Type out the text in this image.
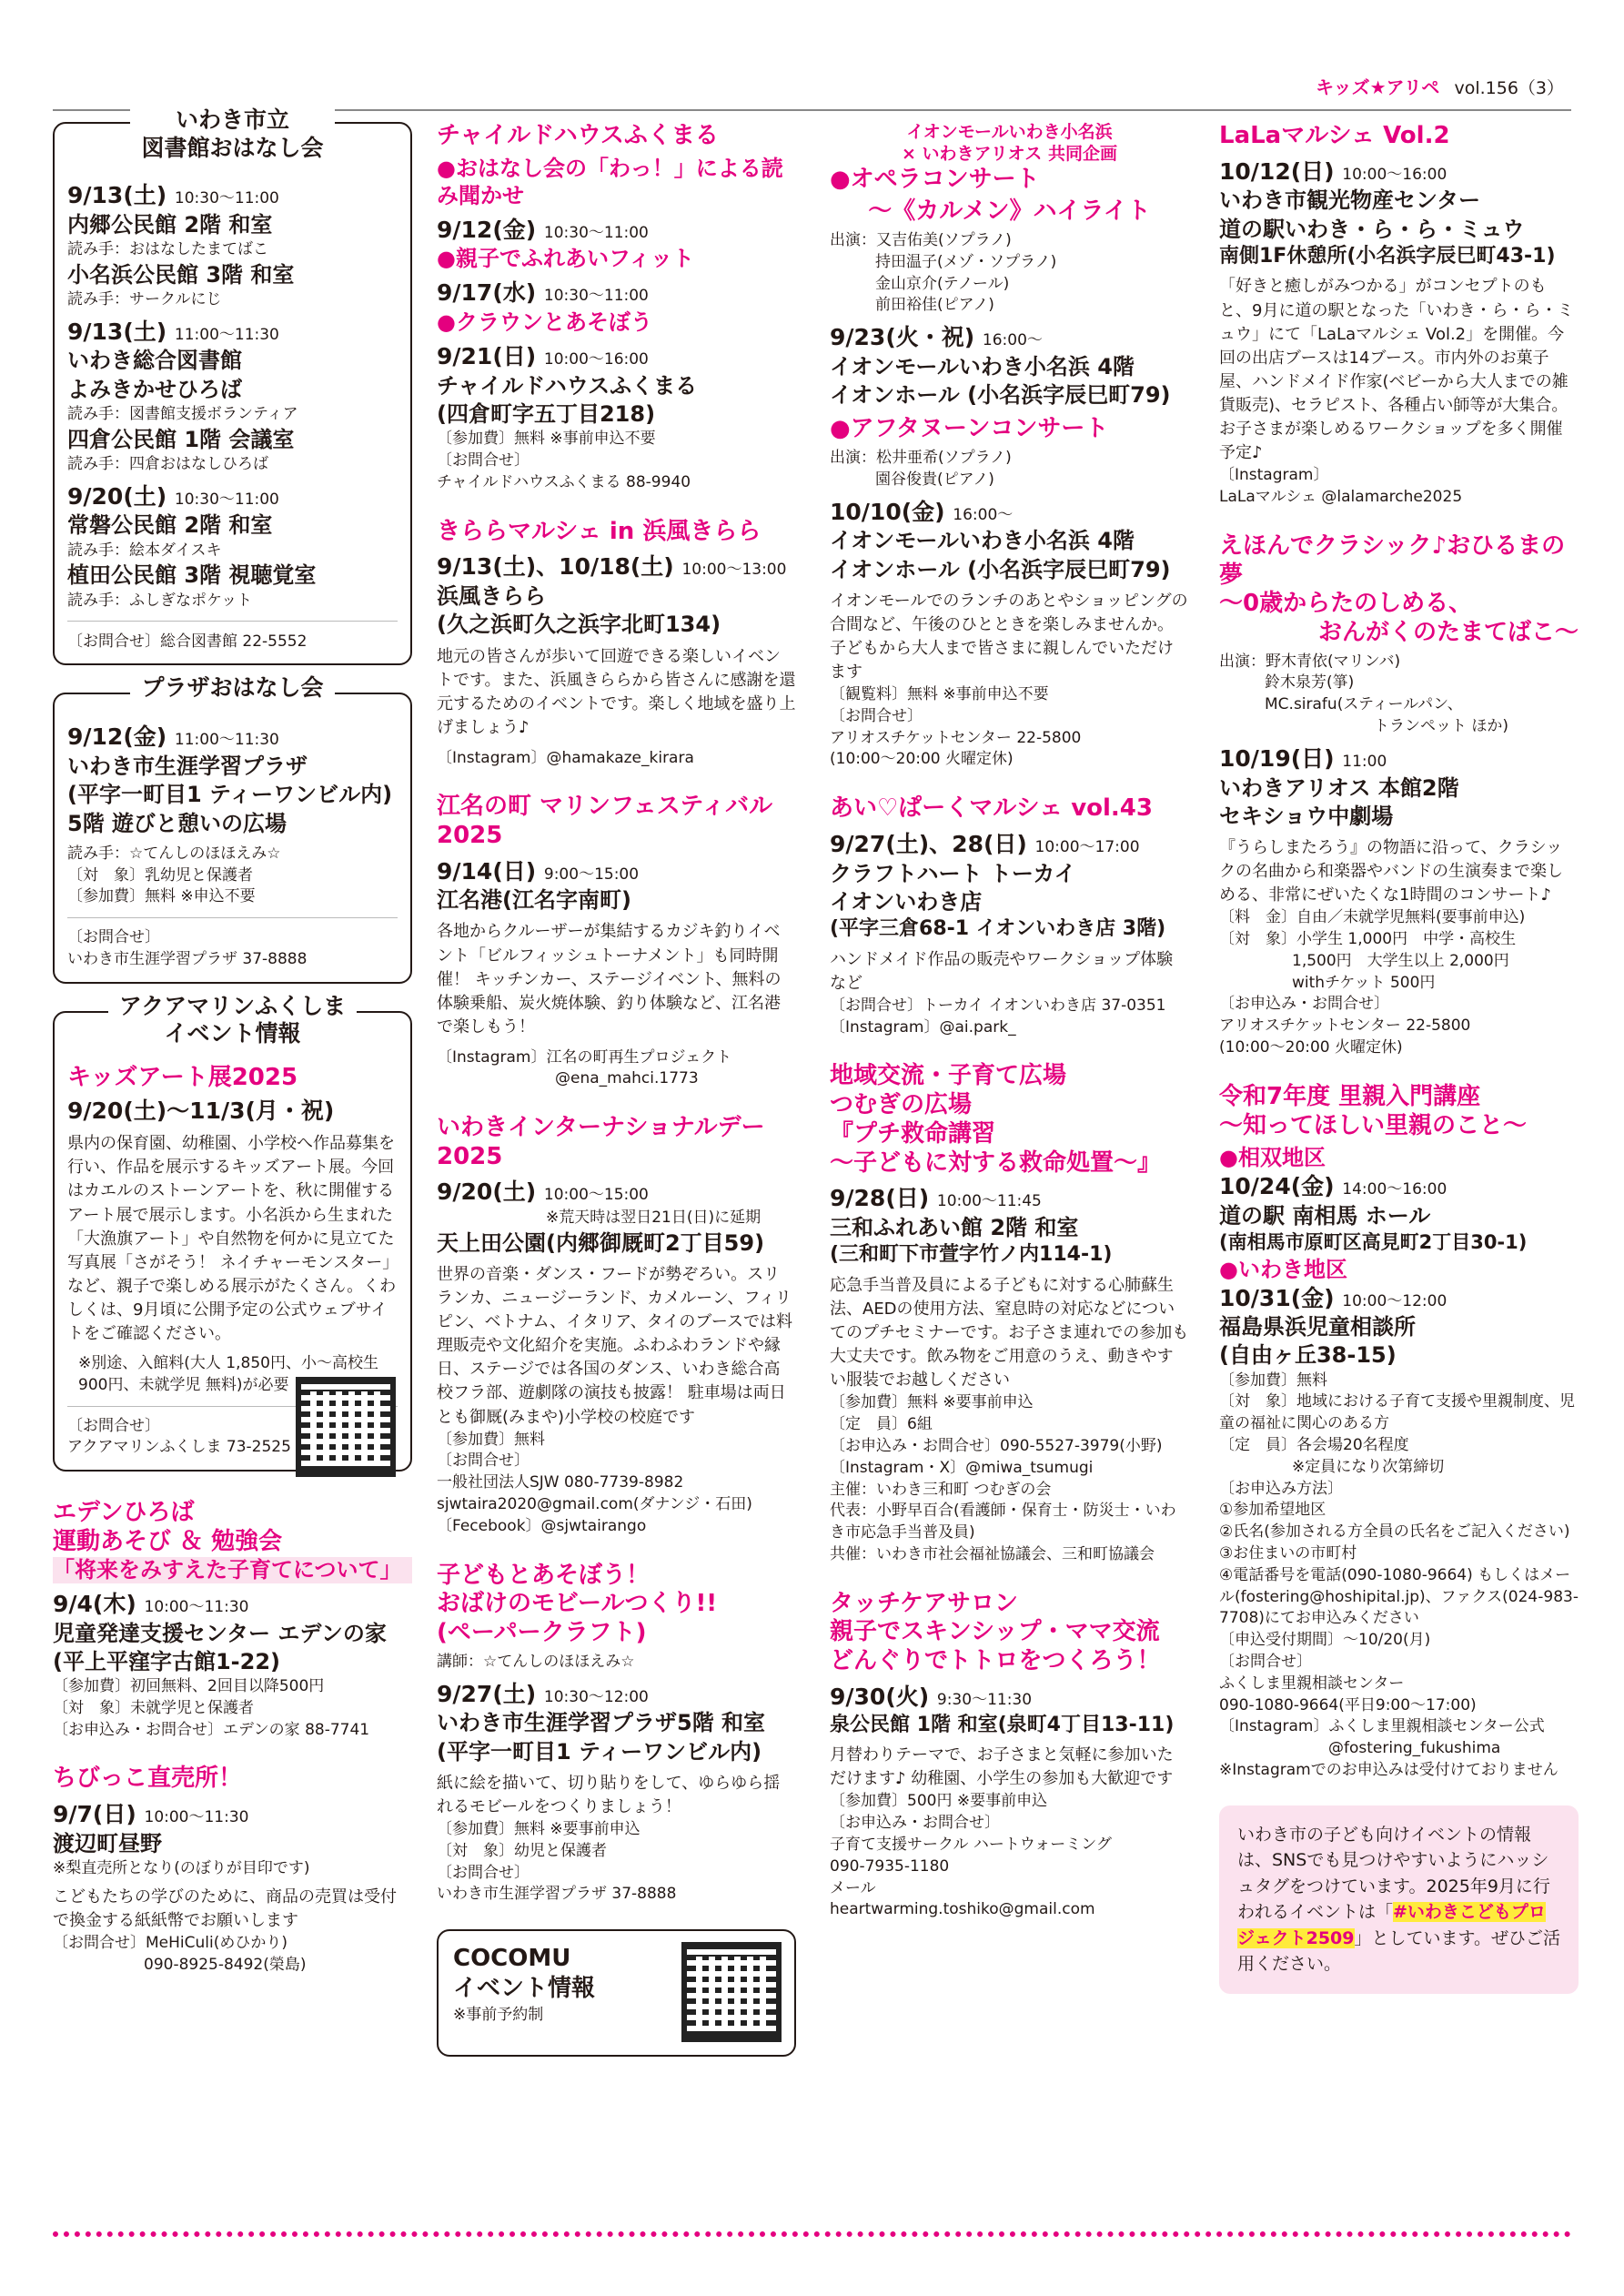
キッズ★アリペ vol.156（3）
いわき市立
図書館おはなし会
9/13(土) 10:30～11:00
内郷公民館 2階 和室
読み手：おはなしたまてばこ
小名浜公民館 3階 和室
読み手：サークルにじ
9/13(土) 11:00～11:30
いわき総合図書館
よみきかせひろば
読み手：図書館支援ボランティア
四倉公民館 1階 会議室
読み手：四倉おはなしひろば
9/20(土) 10:30～11:00
常磐公民館 2階 和室
読み手：絵本ダイスキ
植田公民館 3階 視聴覚室
読み手：ふしぎなポケット
〔お問合せ〕総合図書館 22-5552
プラザおはなし会
9/12(金) 11:00～11:30
いわき市生涯学習プラザ
(平字一町目1 ティーワンビル内)
5階 遊びと憩いの広場
読み手：☆てんしのほほえみ☆
〔対　象〕乳幼児と保護者
〔参加費〕無料 ※申込不要
〔お問合せ〕
いわき市生涯学習プラザ 37-8888
アクアマリンふくしま
イベント情報
キッズアート展2025
9/20(土)～11/3(月・祝)
県内の保育園、幼稚園、小学校へ作品募集を行い、作品を展示するキッズアート展。今回はカエルのストーンアートを、秋に開催するアート展で展示します。小名浜から生まれた「大漁旗アート」や自然物を何かに見立てた写真展「さがそう！ ネイチャーモンスター」など、親子で楽しめる展示がたくさん。くわしくは、9月頃に公開予定の公式ウェブサイトをご確認ください。
※別途、入館料(大人 1,850円、小～高校生 900円、未就学児 無料)が必要
〔お問合せ〕
アクアマリンふくしま 73-2525
エデンひろば
運動あそび ＆ 勉強会
「将来をみすえた子育てについて」
9/4(木) 10:00～11:30
児童発達支援センター エデンの家
(平上平窪字古館1-22)
〔参加費〕初回無料、2回目以降500円
〔対　象〕未就学児と保護者
〔お申込み・お問合せ〕エデンの家 88-7741
ちびっこ直売所！
9/7(日) 10:00～11:30
渡辺町昼野
※梨直売所となり(のぼりが目印です)
こどもたちの学びのために、商品の売買は受付で換金する紙紙幣でお願いします
〔お問合せ〕MeHiCuli(めひかり)
090-8925-8492(榮島)
チャイルドハウスふくまる
●おはなし会の「わっ！」による読み聞かせ
9/12(金) 10:30～11:00
●親子でふれあいフィット
9/17(水) 10:30～11:00
●クラウンとあそぼう
9/21(日) 10:00～16:00
チャイルドハウスふくまる
(四倉町字五丁目218)
〔参加費〕無料 ※事前申込不要
〔お問合せ〕
チャイルドハウスふくまる 88-9940
きららマルシェ in 浜風きらら
9/13(土)、10/18(土) 10:00～13:00
浜風きらら
(久之浜町久之浜字北町134)
地元の皆さんが歩いて回遊できる楽しいイベントです。また、浜風きららから皆さんに感謝を還元するためのイベントです。楽しく地域を盛り上げましょう♪
〔Instagram〕@hamakaze_kirara
江名の町 マリンフェスティバル 2025
9/14(日) 9:00～15:00
江名港(江名字南町)
各地からクルーザーが集結するカジキ釣りイベント「ビルフィッシュトーナメント」も同時開催！ キッチンカー、ステージイベント、無料の体験乗船、炭火焼体験、釣り体験など、江名港で楽しもう！
〔Instagram〕江名の町再生プロジェクト
@ena_mahci.1773
いわきインターナショナルデー 2025
9/20(土) 10:00～15:00
※荒天時は翌日21日(日)に延期
天上田公園(内郷御厩町2丁目59)
世界の音楽・ダンス・フードが勢ぞろい。スリランカ、ニュージーランド、カメルーン、フィリピン、ベトナム、イタリア、タイのブースでは料理販売や文化紹介を実施。ふわふわランドや縁日、ステージでは各国のダンス、いわき総合高校フラ部、遊劇隊の演技も披露！ 駐車場は両日とも御厩(みまや)小学校の校庭です
〔参加費〕無料
〔お問合せ〕
一般社団法人SJW 080-7739-8982
sjwtaira2020@gmail.com(ダナンジ・石田)
〔Fecebook〕@sjwtairango
子どもとあそぼう！
おばけのモビールつくり!!
(ペーパークラフト)
講師：☆てんしのほほえみ☆
9/27(土) 10:30～12:00
いわき市生涯学習プラザ5階 和室
(平字一町目1 ティーワンビル内)
紙に絵を描いて、切り貼りをして、ゆらゆら揺れるモビールをつくりましょう！
〔参加費〕無料 ※要事前申込
〔対　象〕幼児と保護者
〔お問合せ〕
いわき市生涯学習プラザ 37-8888
COCOMU
イベント情報
※事前予約制
イオンモールいわき小名浜
× いわきアリオス 共同企画
●オペラコンサート
～《カルメン》ハイライト
出演：又吉佑美(ソプラノ)
持田温子(メゾ・ソプラノ)
金山京介(テノール)
前田裕佳(ピアノ)
9/23(火・祝) 16:00～
イオンモールいわき小名浜 4階
イオンホール (小名浜字辰巳町79)
●アフタヌーンコンサート
出演：松井亜希(ソプラノ)
園谷俊貴(ピアノ)
10/10(金) 16:00～
イオンモールいわき小名浜 4階
イオンホール (小名浜字辰巳町79)
イオンモールでのランチのあとやショッピングの合間など、午後のひとときを楽しみませんか。子どもから大人まで皆さまに親しんでいただけます
〔観覧料〕無料 ※事前申込不要
〔お問合せ〕
アリオスチケットセンター 22-5800
(10:00～20:00 火曜定休)
あい♡ぱーくマルシェ vol.43
9/27(土)、28(日) 10:00～17:00
クラフトハート トーカイ
イオンいわき店
(平字三倉68-1 イオンいわき店 3階)
ハンドメイド作品の販売やワークショップ体験など
〔お問合せ〕トーカイ イオンいわき店 37-0351
〔Instagram〕@ai.park_
地域交流・子育て広場
つむぎの広場
『プチ救命講習
～子どもに対する救命処置～』
9/28(日) 10:00～11:45
三和ふれあい館 2階 和室
(三和町下市萱字竹ノ内114-1)
応急手当普及員による子どもに対する心肺蘇生法、AEDの使用方法、窒息時の対応などについてのプチセミナーです。お子さま連れでの参加も大丈夫です。飲み物をご用意のうえ、動きやすい服装でお越しください
〔参加費〕無料 ※要事前申込
〔定　員〕6組
〔お申込み・お問合せ〕090-5527-3979(小野)
〔Instagram・X〕@miwa_tsumugi
主催：いわき三和町 つむぎの会
代表：小野早百合(看護師・保育士・防災士・いわき市応急手当普及員)
共催：いわき市社会福祉協議会、三和町協議会
タッチケアサロン
親子でスキンシップ・ママ交流
どんぐりでトトロをつくろう！
9/30(火) 9:30～11:30
泉公民館 1階 和室(泉町4丁目13-11)
月替わりテーマで、お子さまと気軽に参加いただけます♪ 幼稚園、小学生の参加も大歓迎です
〔参加費〕500円 ※要事前申込
〔お申込み・お問合せ〕
子育て支援サークル ハートウォーミング
090-7935-1180
メール
heartwarming.toshiko@gmail.com
LaLaマルシェ Vol.2
10/12(日) 10:00～16:00
いわき市観光物産センター
道の駅いわき・ら・ら・ミュウ
南側1F休憩所(小名浜字辰巳町43-1)
「好きと癒しがみつかる」がコンセプトのもと、9月に道の駅となった「いわき・ら・ら・ミュウ」にて「LaLaマルシェ Vol.2」を開催。今回の出店ブースは14ブース。市内外のお菓子屋、ハンドメイド作家(ベビーから大人までの雑貨販売)、セラピスト、各種占い師等が大集合。お子さまが楽しめるワークショップを多く開催予定♪
〔Instagram〕
LaLaマルシェ @lalamarche2025
えほんでクラシック♪おひるまの夢
～0歳からたのしめる、
おんがくのたまてばこ～
出演：野木青依(マリンバ)
鈴木泉芳(箏)
MC.sirafu(スティールパン、
トランペット ほか)
10/19(日) 11:00
いわきアリオス 本館2階
セキショウ中劇場
『うらしまたろう』の物語に沿って、クラシックの名曲から和楽器やバンドの生演奏まで楽しめる、非常にぜいたくな1時間のコンサート♪
〔料　金〕自由／未就学児無料(要事前申込)
〔対　象〕小学生 1,000円　中学・高校生
1,500円　大学生以上 2,000円
withチケット 500円
〔お申込み・お問合せ〕
アリオスチケットセンター 22-5800
(10:00～20:00 火曜定休)
令和7年度 里親入門講座
～知ってほしい里親のこと～
●相双地区
10/24(金) 14:00～16:00
道の駅 南相馬 ホール
(南相馬市原町区高見町2丁目30-1)
●いわき地区
10/31(金) 10:00～12:00
福島県浜児童相談所
(自由ヶ丘38-15)
〔参加費〕無料
〔対　象〕地域における子育て支援や里親制度、児童の福祉に関心のある方
〔定　員〕各会場20名程度
※定員になり次第締切
〔お申込み方法〕
①参加希望地区
②氏名(参加される方全員の氏名をご記入ください)
③お住まいの市町村
④電話番号を電話(090-1080-9664) もしくはメール(fostering@hoshipital.jp)、ファクス(024-983-7708)にてお申込みください
〔申込受付期間〕～10/20(月)
〔お問合せ〕
ふくしま里親相談センター
090-1080-9664(平日9:00～17:00)
〔Instagram〕ふくしま里親相談センター公式
@fostering_fukushima
※Instagramでのお申込みは受付けておりません
いわき市の子ども向けイベントの情報は、SNSでも見つけやすいようにハッシュタグをつけています。2025年9月に行われるイベントは「#いわきこどもプロジェクト2509」としています。ぜひご活用ください。
